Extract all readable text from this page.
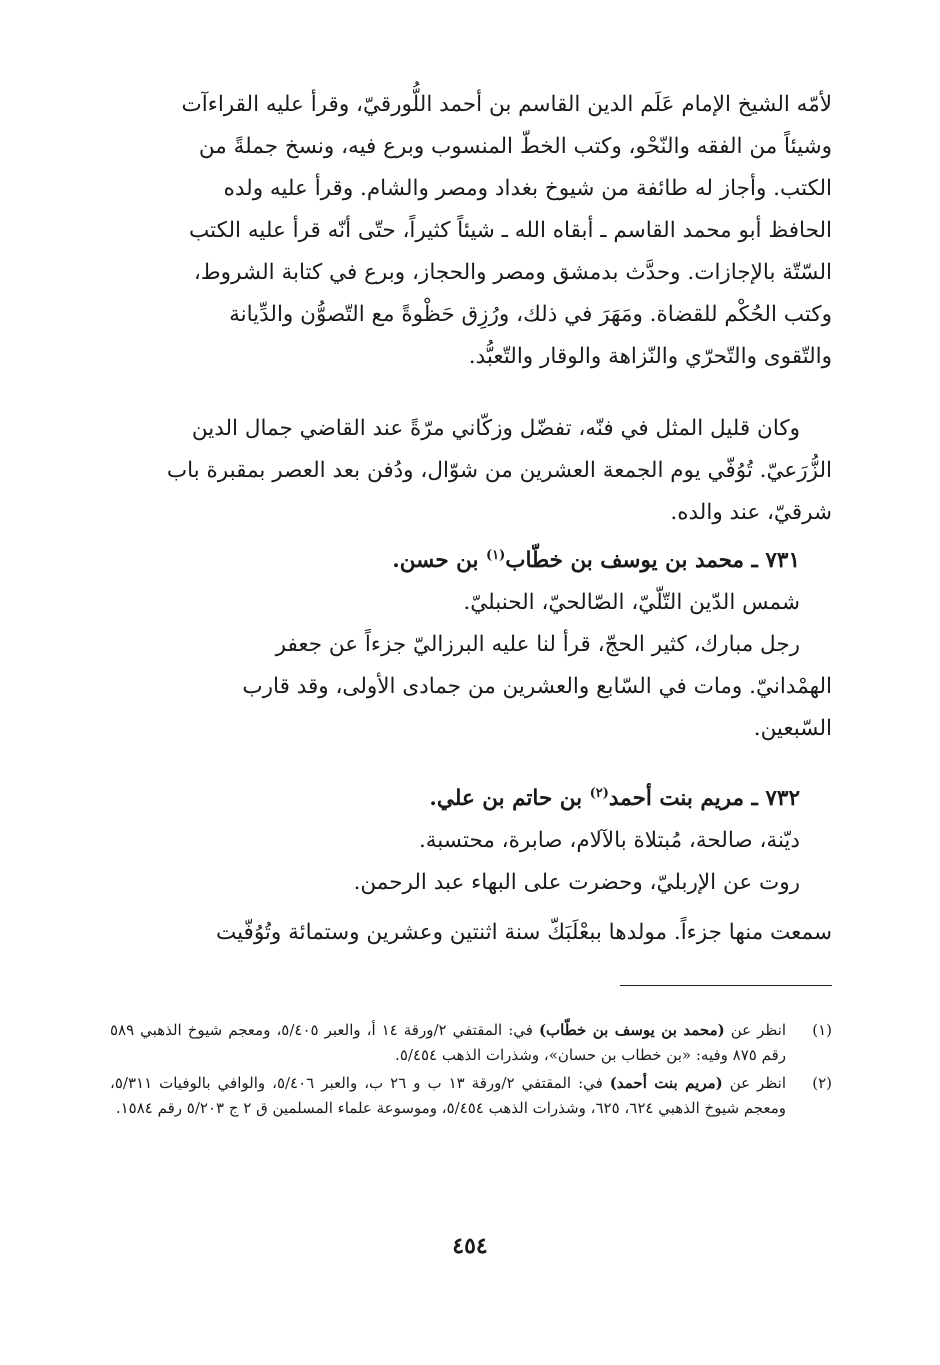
لأمّه الشيخ الإمام عَلَم الدين القاسم بن أحمد اللُّورقيّ، وقرأ عليه القراءآت

وشيئاً من الفقه والنّحْو، وكتب الخطّ المنسوب وبرع فيه، ونسخ جملةً من

الكتب. وأجاز له طائفة من شيوخ بغداد ومصر والشام. وقرأ عليه ولده

الحافظ أبو محمد القاسم ـ أبقاه الله ـ شيئاً كثيراً، حتّى أنّه قرأ عليه الكتب

السّتّة بالإجازات. وحدَّث بدمشق ومصر والحجاز، وبرع في كتابة الشروط،

وكتب الحُكْم للقضاة. ومَهَرَ في ذلك، ورُزِق حَظْوةً مع التّصوُّن والدِّيانة

والتّقوى والتّحرّي والنّزاهة والوقار والتّعبُّد.

وكان قليل المثل في فنّه، تفضّل وزكّاني مرّةً عند القاضي جمال الدين

الزُّرَعيّ. تُوُفّي يوم الجمعة العشرين من شوّال، ودُفن بعد العصر بمقبرة باب

شرقيّ، عند والده.

٧٣١ ـ محمد بن يوسف بن خطّاب$^{(١)}$ بن حسن.

شمس الدّين التّلّيّ، الصّالحيّ، الحنبليّ.

رجل مبارك، كثير الحجّ، قرأ لنا عليه البرزاليّ جزءاً عن جعفر

الهمْدانيّ. ومات في السّابع والعشرين من جمادى الأولى، وقد قارب

السّبعين.

٧٣٢ ـ مريم بنت أحمد$^{(٢)}$ بن حاتم بن علي.

ديّنة، صالحة، مُبتلاة بالآلام، صابرة، محتسبة.

روت عن الإربليّ، وحضرت على البهاء عبد الرحمن.

سمعت منها جزءاً. مولدها ببعْلَبَكّ سنة اثنتين وعشرين وستمائة وتُوُفّيت

(١)
انظر عن (محمد بن يوسف بن خطّاب) في: المقتفي ٢/ورقة ١٤ أ، والعبر ٥/٤٠٥، ومعجم شيوخ الذهبي ٥٨٩ رقم ٨٧٥ وفيه: «بن خطاب بن حسان»، وشذرات الذهب ٥/٤٥٤.
(٢)
انظر عن (مريم بنت أحمد) في: المقتفي ٢/ورقة ١٣ ب و ٢٦ ب، والعبر ٥/٤٠٦، والوافي بالوفيات ٥/٣١١، ومعجم شيوخ الذهبي ٦٢٤، ٦٢٥، وشذرات الذهب ٥/٤٥٤، وموسوعة علماء المسلمين ق ٢ ج ٥/٢٠٣ رقم ١٥٨٤.
٤٥٤
